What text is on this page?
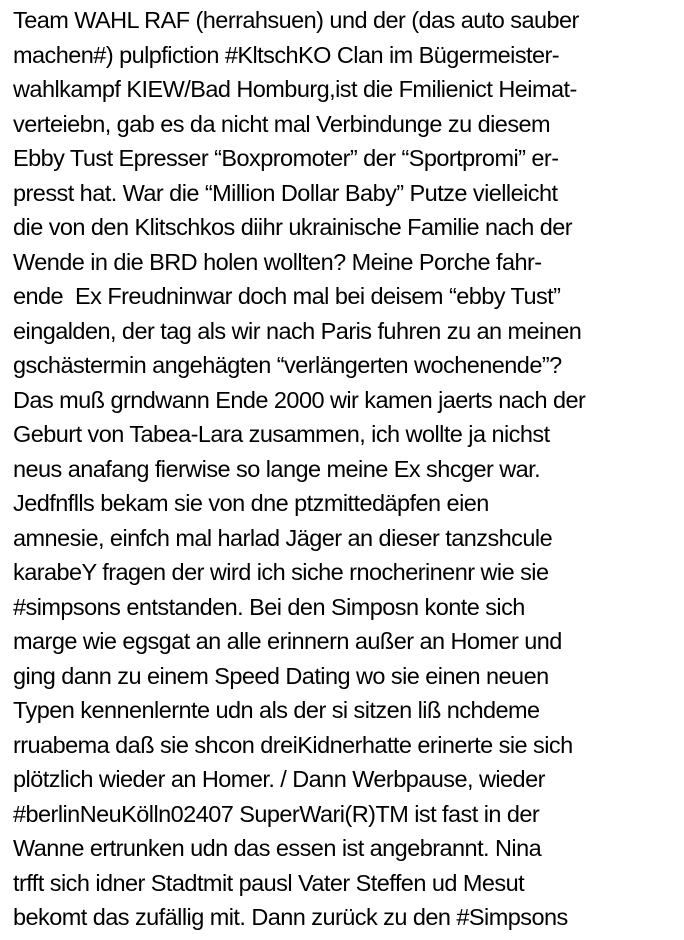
Team WAHL RAF (herrahsuen) und der (das auto sauber
machen#) pulpfiction #KltschKO Clan im Bügermeister-
wahlkampf KIEW/Bad Homburg,ist die Fmilienict Heimat-
verteiebn, gab es da nicht mal Verbindunge zu diesem
Ebby Tust Epresser “Boxpromoter” der “Sportpromi” er-
presst hat. War die “Million Dollar Baby” Putze vielleicht
die von den Klitschkos diihr ukrainische Familie nach der
Wende in die BRD holen wollten? Meine Porche fahr-
ende  Ex Freudninwar doch mal bei deisem “ebby Tust”
eingalden, der tag als wir nach Paris fuhren zu an meinen
gschästermin angehägten “verlängerten wochenende”?
Das muß grndwann Ende 2000 wir kamen jaerts nach der
Geburt von Tabea-Lara zusammen, ich wollte ja nichst
neus anafang fierwise so lange meine Ex shcger war.
Jedfnflls bekam sie von dne ptzmittedäpfen eien
amnesie, einfch mal harlad Jäger an dieser tanzshcule
karabeY fragen der wird ich siche rnocherinenr wie sie
#simpsons entstanden. Bei den Simposn konte sich
marge wie egsgat an alle erinnern außer an Homer und
ging dann zu einem Speed Dating wo sie einen neuen
Typen kennenlernte udn als der si sitzen liß nchdeme
rruabema daß sie shcon dreiKidnerhatte erinerte sie sich
plötzlich wieder an Homer. / Dann Werbpause, wieder
#berlinNeuKölln02407 SuperWari(R)TM ist fast in der
Wanne ertrunken udn das essen ist angebrannt. Nina
trfft sich idner Stadtmit pausl Vater Steffen ud Mesut
bekomt das zufällig mit. Dann zurück zu den #Simpsons
